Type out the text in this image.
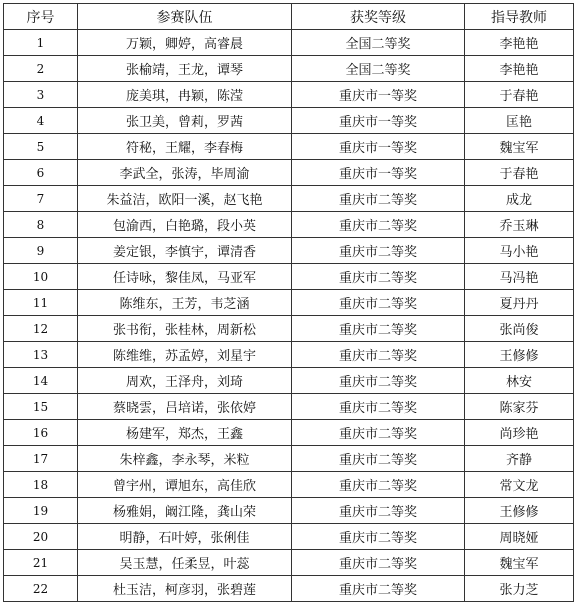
序号	参赛队伍	获奖等级	指导教师
1	万颖，卿婷，高睿晨	全国二等奖	李艳艳
2	张榆靖，王龙，谭琴	全国二等奖	李艳艳
3	庞美琪，冉颖，陈滢	重庆市一等奖	于春艳
4	张卫美，曾莉，罗茜	重庆市一等奖	匡艳
5	符秘，王耀，李春梅	重庆市一等奖	魏宝军
6	李武全，张涛，毕周渝	重庆市一等奖	于春艳
7	朱益洁，欧阳一溪，赵飞艳	重庆市二等奖	成龙
8	包渝西，白艳璐，段小英	重庆市二等奖	乔玉琳
9	姜定银，李慎宇，谭清香	重庆市二等奖	马小艳
10	任诗咏，黎佳凤，马亚军	重庆市二等奖	马冯艳
11	陈维东，王芳，韦芝涵	重庆市二等奖	夏丹丹
12	张书衔，张桂林，周新松	重庆市二等奖	张尚俊
13	陈维维，苏孟婷，刘星宇	重庆市二等奖	王修修
14	周欢，王泽舟，刘琦	重庆市二等奖	林安
15	蔡晓雲，吕培诺，张依婷	重庆市二等奖	陈家芬
16	杨建军，郑杰，王鑫	重庆市二等奖	尚珍艳
17	朱梓鑫，李永琴，米粒	重庆市二等奖	齐静
18	曾宇州，谭旭东，高佳欣	重庆市二等奖	常文龙
19	杨雅娟，阚江隆，龚山荣	重庆市二等奖	王修修
20	明静，石叶婷，张俐佳	重庆市二等奖	周晓娅
21	吴玉慧，任柔昱，叶蕊	重庆市二等奖	魏宝军
22	杜玉洁，柯彦羽，张碧莲	重庆市二等奖	张力芝
